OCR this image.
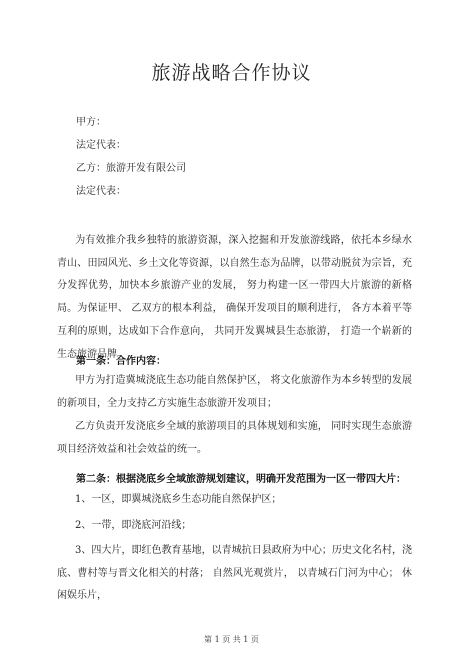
旅游战略合作协议
甲方：
法定代表：
乙方：旅游开发有限公司
法定代表：
为有效推介我乡独特的旅游资源，深入挖掘和开发旅游线路，依托本乡绿水青山、田园风光、乡土文化等资源，以自然生态为品牌，以带动脱贫为宗旨，充分发挥优势，加快本乡旅游产业的发展， 努力构建一区一带四大片旅游的新格局。为保证甲、 乙双方的根本利益， 确保开发项目的顺利进行， 各方本着平等互利的原则，达成如下合作意向， 共同开发翼城县生态旅游， 打造一个崭新的生态旅游品牌。
第一条：合作内容：
甲方为打造冀城浇底生态功能自然保护区， 将文化旅游作为本乡转型的发展的新项目，全力支持乙方实施生态旅游开发项目；
乙方负责开发浇底乡全域的旅游项目的具体规划和实施， 同时实现生态旅游项目经济效益和社会效益的统一。
第二条：根据浇底乡全域旅游规划建议，明确开发范围为一区一带四大片：
1、一区，即翼城浇底乡生态功能自然保护区；
2、一带，即浇底河沿线；
3、四大片，即红色教育基地，以青城抗日县政府为中心；历史文化名村，浇底、曹村等与晋文化相关的村落； 自然风光观赏片， 以青城石门河为中心； 休闲娱乐片，
第 1 页 共 1 页
